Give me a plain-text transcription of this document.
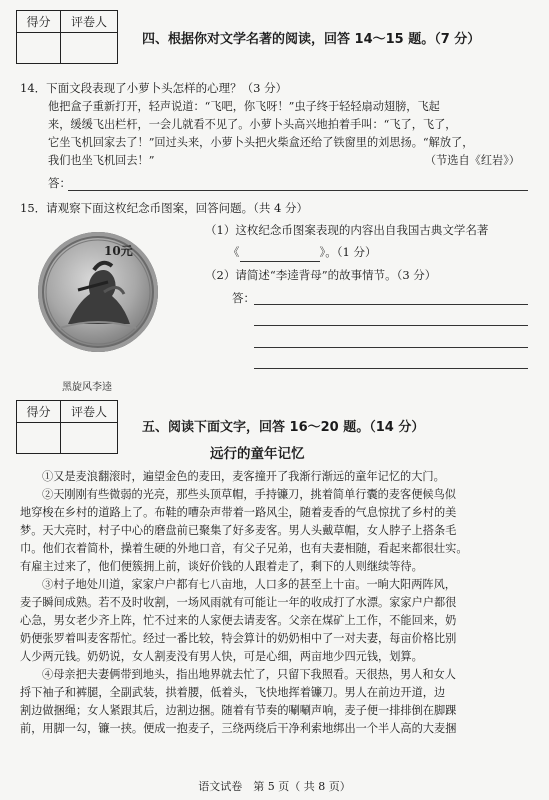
得分	评卷人
四、根据你对文学名著的阅读，回答 14～15 题。（7 分）
14．下面文段表现了小萝卜头怎样的心理？（3 分）
他把盒子重新打开，轻声说道：“飞吧，你飞呀！”虫子终于轻轻扇动翅膀，飞起
来，缓缓飞出栏杆，一会儿就看不见了。小萝卜头高兴地拍着手叫：“飞了，飞了，
它坐飞机回家去了！”回过头来，小萝卜头把火柴盒还给了铁窗里的刘思扬。“解放了，
我们也坐飞机回去！”	（节选自《红岩》）
答：
15．请观察下面这枚纪念币图案，回答问题。（共 4 分）
10元
黑旋风李逵
（1）这枚纪念币图案表现的内容出自我国古典文学名著
《	》。（1 分）
（2）请简述“李逵背母”的故事情节。（3 分）
答：
得分	评卷人
五、阅读下面文字，回答 16～20 题。（14 分）
远行的童年记忆
①又是麦浪翻滚时，遍望金色的麦田，麦客撞开了我渐行渐远的童年记忆的大门。
②天刚刚有些微弱的光亮，那些头顶草帽，手持镰刀，挑着简单行囊的麦客便候鸟似
地穿梭在乡村的道路上了。布鞋的嘈杂声带着一路风尘，随着麦香的气息惊扰了乡村的美
梦。天大亮时，村子中心的磨盘前已聚集了好多麦客。男人头戴草帽，女人脖子上搭条毛
巾。他们衣着简朴，操着生硬的外地口音，有父子兄弟，也有夫妻相随，看起来都很壮实。
有雇主过来了，他们便簇拥上前，谈好价钱的人跟着走了，剩下的人则继续等待。
③村子地处川道，家家户户都有七八亩地，人口多的甚至上十亩。一晌大阳两阵风，
麦子瞬间成熟。若不及时收割，一场风雨就有可能让一年的收成打了水漂。家家户户都很
心急，男女老少齐上阵，忙不过来的人家便去请麦客。父亲在煤矿上工作，不能回来，奶
奶便张罗着叫麦客帮忙。经过一番比较，特会算计的奶奶相中了一对夫妻，每亩价格比别
人少两元钱。奶奶说，女人割麦没有男人快，可是心细，两亩地少四元钱，划算。
④母亲把夫妻俩带到地头，指出地界就去忙了，只留下我照看。天很热，男人和女人
捋下袖子和裤腿，全副武装，拱着腰，低着头，飞快地挥着镰刀。男人在前边开道，边
割边做捆绳；女人紧跟其后，边割边捆。随着有节奏的唰唰声响，麦子便一排排倒在脚踝
前，用脚一勾，镰一挟。便成一抱麦子，三绕两绕后干净利索地绑出一个半人高的大麦捆
语文试卷　第 5 页（ 共 8 页）
